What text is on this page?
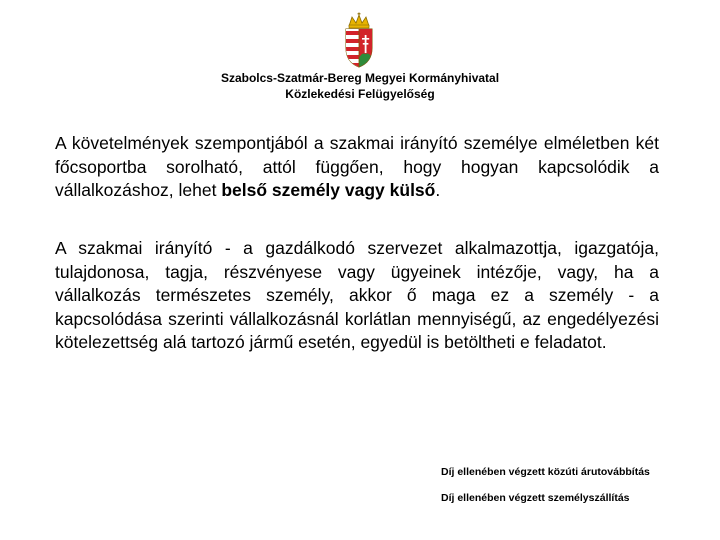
Szabolcs-Szatmár-Bereg Megyei Kormányhivatal
Közlekedési Felügyelőség
A követelmények szempontjából a szakmai irányító személye elméletben két főcsoportba sorolható, attól függően, hogy hogyan kapcsolódik a vállalkozáshoz, lehet belső személy vagy külső.
A szakmai irányító - a gazdálkodó szervezet alkalmazottja, igazgatója, tulajdonosa, tagja, részvényese vagy ügyeinek intézője, vagy, ha a vállalkozás természetes személy, akkor ő maga ez a személy - a kapcsolódása szerinti vállalkozásnál korlátlan mennyiségű, az engedélyezési kötelezettség alá tartozó jármű esetén, egyedül is betöltheti e feladatot.
Díj ellenében végzett közúti árutovábbítás
Díj ellenében végzett személyszállítás
